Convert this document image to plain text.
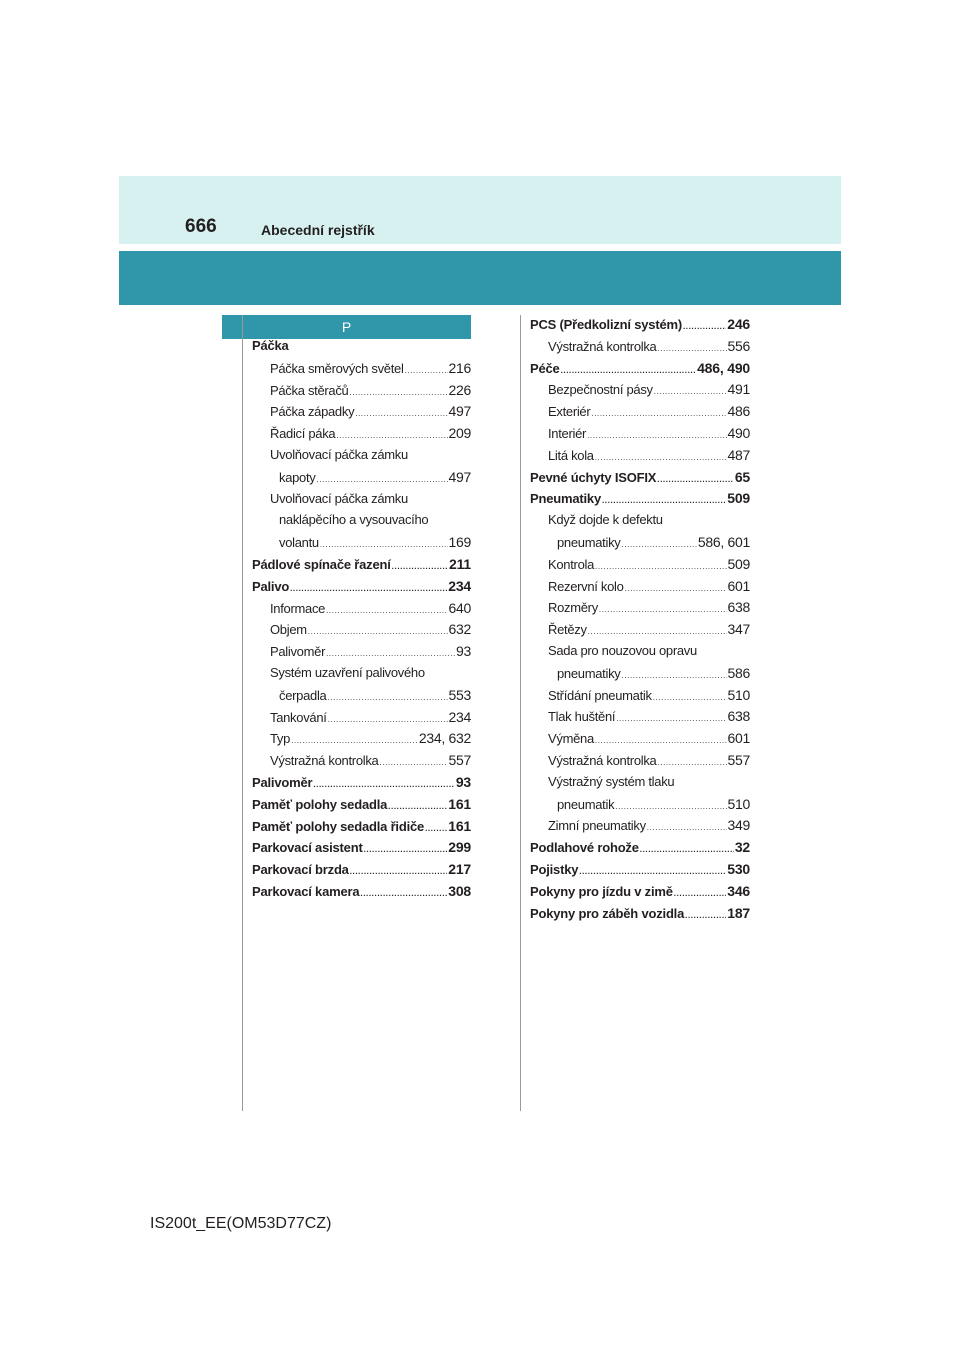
666	Abecední rejstřík
P
Páčka
Páčka směrových světel .....	216
Páčka stěračů .....	226
Páčka západky .....	497
Řadicí páka .....	209
Uvolňovací páčka zámku
kapoty .....	497
Uvolňovací páčka zámku
naklápěcího a vysouvacího
volantu .....	169
Pádlové spínače řazení .....	211
Palivo .....	234
Informace .....	640
Objem .....	632
Palivoměr .....	93
Systém uzavření palivového
čerpadla .....	553
Tankování .....	234
Typ .....	234, 632
Výstražná kontrolka .....	557
Palivoměr .....	93
Paměť polohy sedadla .....	161
Paměť polohy sedadla řidiče ..... 161
Parkovací asistent .....	299
Parkovací brzda .....	217
Parkovací kamera .....	308
PCS (Předkolizní systém) .....	246
Výstražná kontrolka .....	556
Péče .....	486, 490
Bezpečnostní pásy .....	491
Exteriér .....	486
Interiér .....	490
Litá kola .....	487
Pevné úchyty ISOFIX .....	65
Pneumatiky .....	509
Když dojde k defektu
pneumatiky .....	586, 601
Kontrola .....	509
Rezervní kolo .....	601
Rozměry .....	638
Řetězy .....	347
Sada pro nouzovou opravu
pneumatiky .....	586
Střídání pneumatik .....	510
Tlak huštění .....	638
Výměna .....	601
Výstražná kontrolka .....	557
Výstražný systém tlaku
pneumatik .....	510
Zimní pneumatiky .....	349
Podlahové rohože .....	32
Pojistky .....	530
Pokyny pro jízdu v zimě .....	346
Pokyny pro záběh vozidla .....	187
IS200t_EE(OM53D77CZ)
